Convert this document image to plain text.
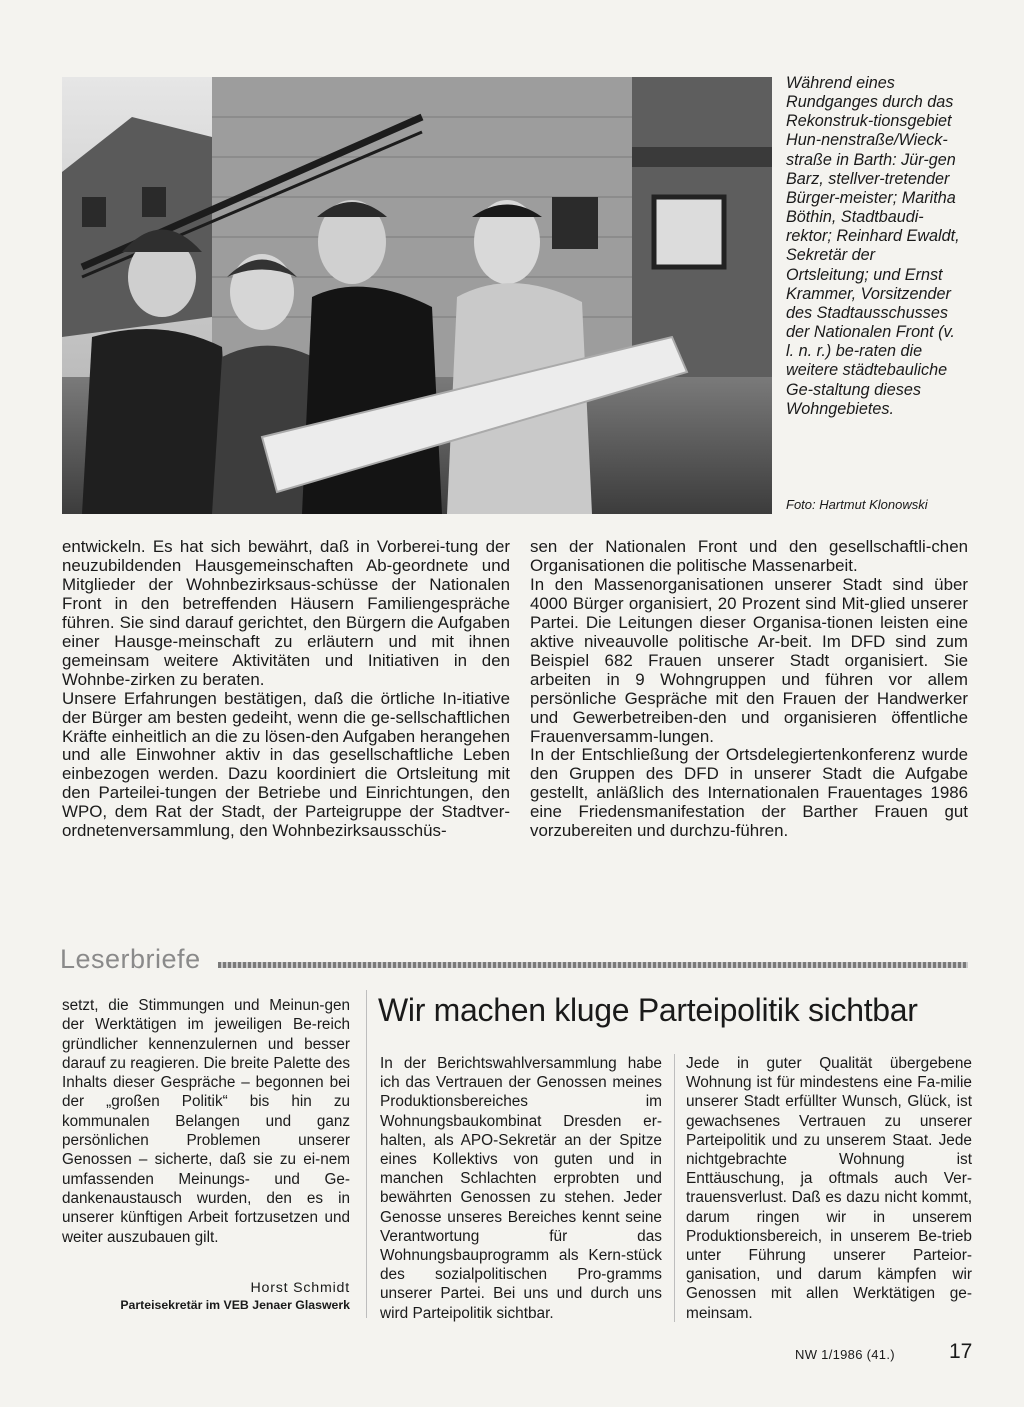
Während eines Rundganges durch das Rekonstruk-tionsgebiet Hun-nenstraße/Wieck-straße in Barth: Jür-gen Barz, stellver-tretender Bürger-meister; Maritha Böthin, Stadtbaudi-rektor; Reinhard Ewaldt, Sekretär der Ortsleitung; und Ernst Krammer, Vorsitzender des Stadtausschusses der Nationalen Front (v. l. n. r.) be-raten die weitere städtebauliche Ge-staltung dieses Wohngebietes.

Foto: Hartmut Klonowski

entwickeln. Es hat sich bewährt, daß in Vorberei-tung der neuzubildenden Hausgemeinschaften Ab-geordnete und Mitglieder der Wohnbezirksaus-schüsse der Nationalen Front in den betreffenden Häusern Familiengespräche führen. Sie sind darauf gerichtet, den Bürgern die Aufgaben einer Hausge-meinschaft zu erläutern und mit ihnen gemeinsam weitere Aktivitäten und Initiativen in den Wohnbe-zirken zu beraten.

Unsere Erfahrungen bestätigen, daß die örtliche In-itiative der Bürger am besten gedeiht, wenn die ge-sellschaftlichen Kräfte einheitlich an die zu lösen-den Aufgaben herangehen und alle Einwohner aktiv in das gesellschaftliche Leben einbezogen werden. Dazu koordiniert die Ortsleitung mit den Parteilei-tungen der Betriebe und Einrichtungen, den WPO, dem Rat der Stadt, der Parteigruppe der Stadtver-ordnetenversammlung, den Wohnbezirksausschüs-

sen der Nationalen Front und den gesellschaftli-chen Organisationen die politische Massenarbeit.

In den Massenorganisationen unserer Stadt sind über 4000 Bürger organisiert, 20 Prozent sind Mit-glied unserer Partei. Die Leitungen dieser Organisa-tionen leisten eine aktive niveauvolle politische Ar-beit. Im DFD sind zum Beispiel 682 Frauen unserer Stadt organisiert. Sie arbeiten in 9 Wohngruppen und führen vor allem persönliche Gespräche mit den Frauen der Handwerker und Gewerbetreiben-den und organisieren öffentliche Frauenversamm-lungen.

In der Entschließung der Ortsdelegiertenkonferenz wurde den Gruppen des DFD in unserer Stadt die Aufgabe gestellt, anläßlich des Internationalen Frauentages 1986 eine Friedensmanifestation der Barther Frauen gut vorzubereiten und durchzu-führen.

Leserbriefe

setzt, die Stimmungen und Meinun-gen der Werktätigen im jeweiligen Be-reich gründlicher kennenzulernen und besser darauf zu reagieren. Die breite Palette des Inhalts dieser Gespräche – begonnen bei der „großen Politik“ bis hin zu kommunalen Belangen und ganz persönlichen Problemen unserer Genossen – sicherte, daß sie zu ei-nem umfassenden Meinungs- und Ge-dankenaustausch wurden, den es in unserer künftigen Arbeit fortzusetzen und weiter auszubauen gilt.

Horst Schmidt
Parteisekretär im VEB Jenaer Glaswerk
Wir machen kluge Parteipolitik sichtbar

In der Berichtswahlversammlung habe ich das Vertrauen der Genossen meines Produktionsbereiches im Wohnungsbaukombinat Dresden er-halten, als APO-Sekretär an der Spitze eines Kollektivs von guten und in manchen Schlachten erprobten und bewährten Genossen zu stehen. Jeder Genosse unseres Bereiches kennt seine Verantwortung für das Wohnungsbauprogramm als Kern-stück des sozialpolitischen Pro-gramms unserer Partei. Bei uns und durch uns wird Parteipolitik sichtbar.

Jede in guter Qualität übergebene Wohnung ist für mindestens eine Fa-milie unserer Stadt erfüllter Wunsch, Glück, ist gewachsenes Vertrauen zu unserer Parteipolitik und zu unserem Staat. Jede nichtgebrachte Wohnung ist Enttäuschung, ja oftmals auch Ver-trauensverlust. Daß es dazu nicht kommt, darum ringen wir in unserem Produktionsbereich, in unserem Be-trieb unter Führung unserer Parteior-ganisation, und darum kämpfen wir Genossen mit allen Werktätigen ge-meinsam.

NW 1/1986 (41.)	17
